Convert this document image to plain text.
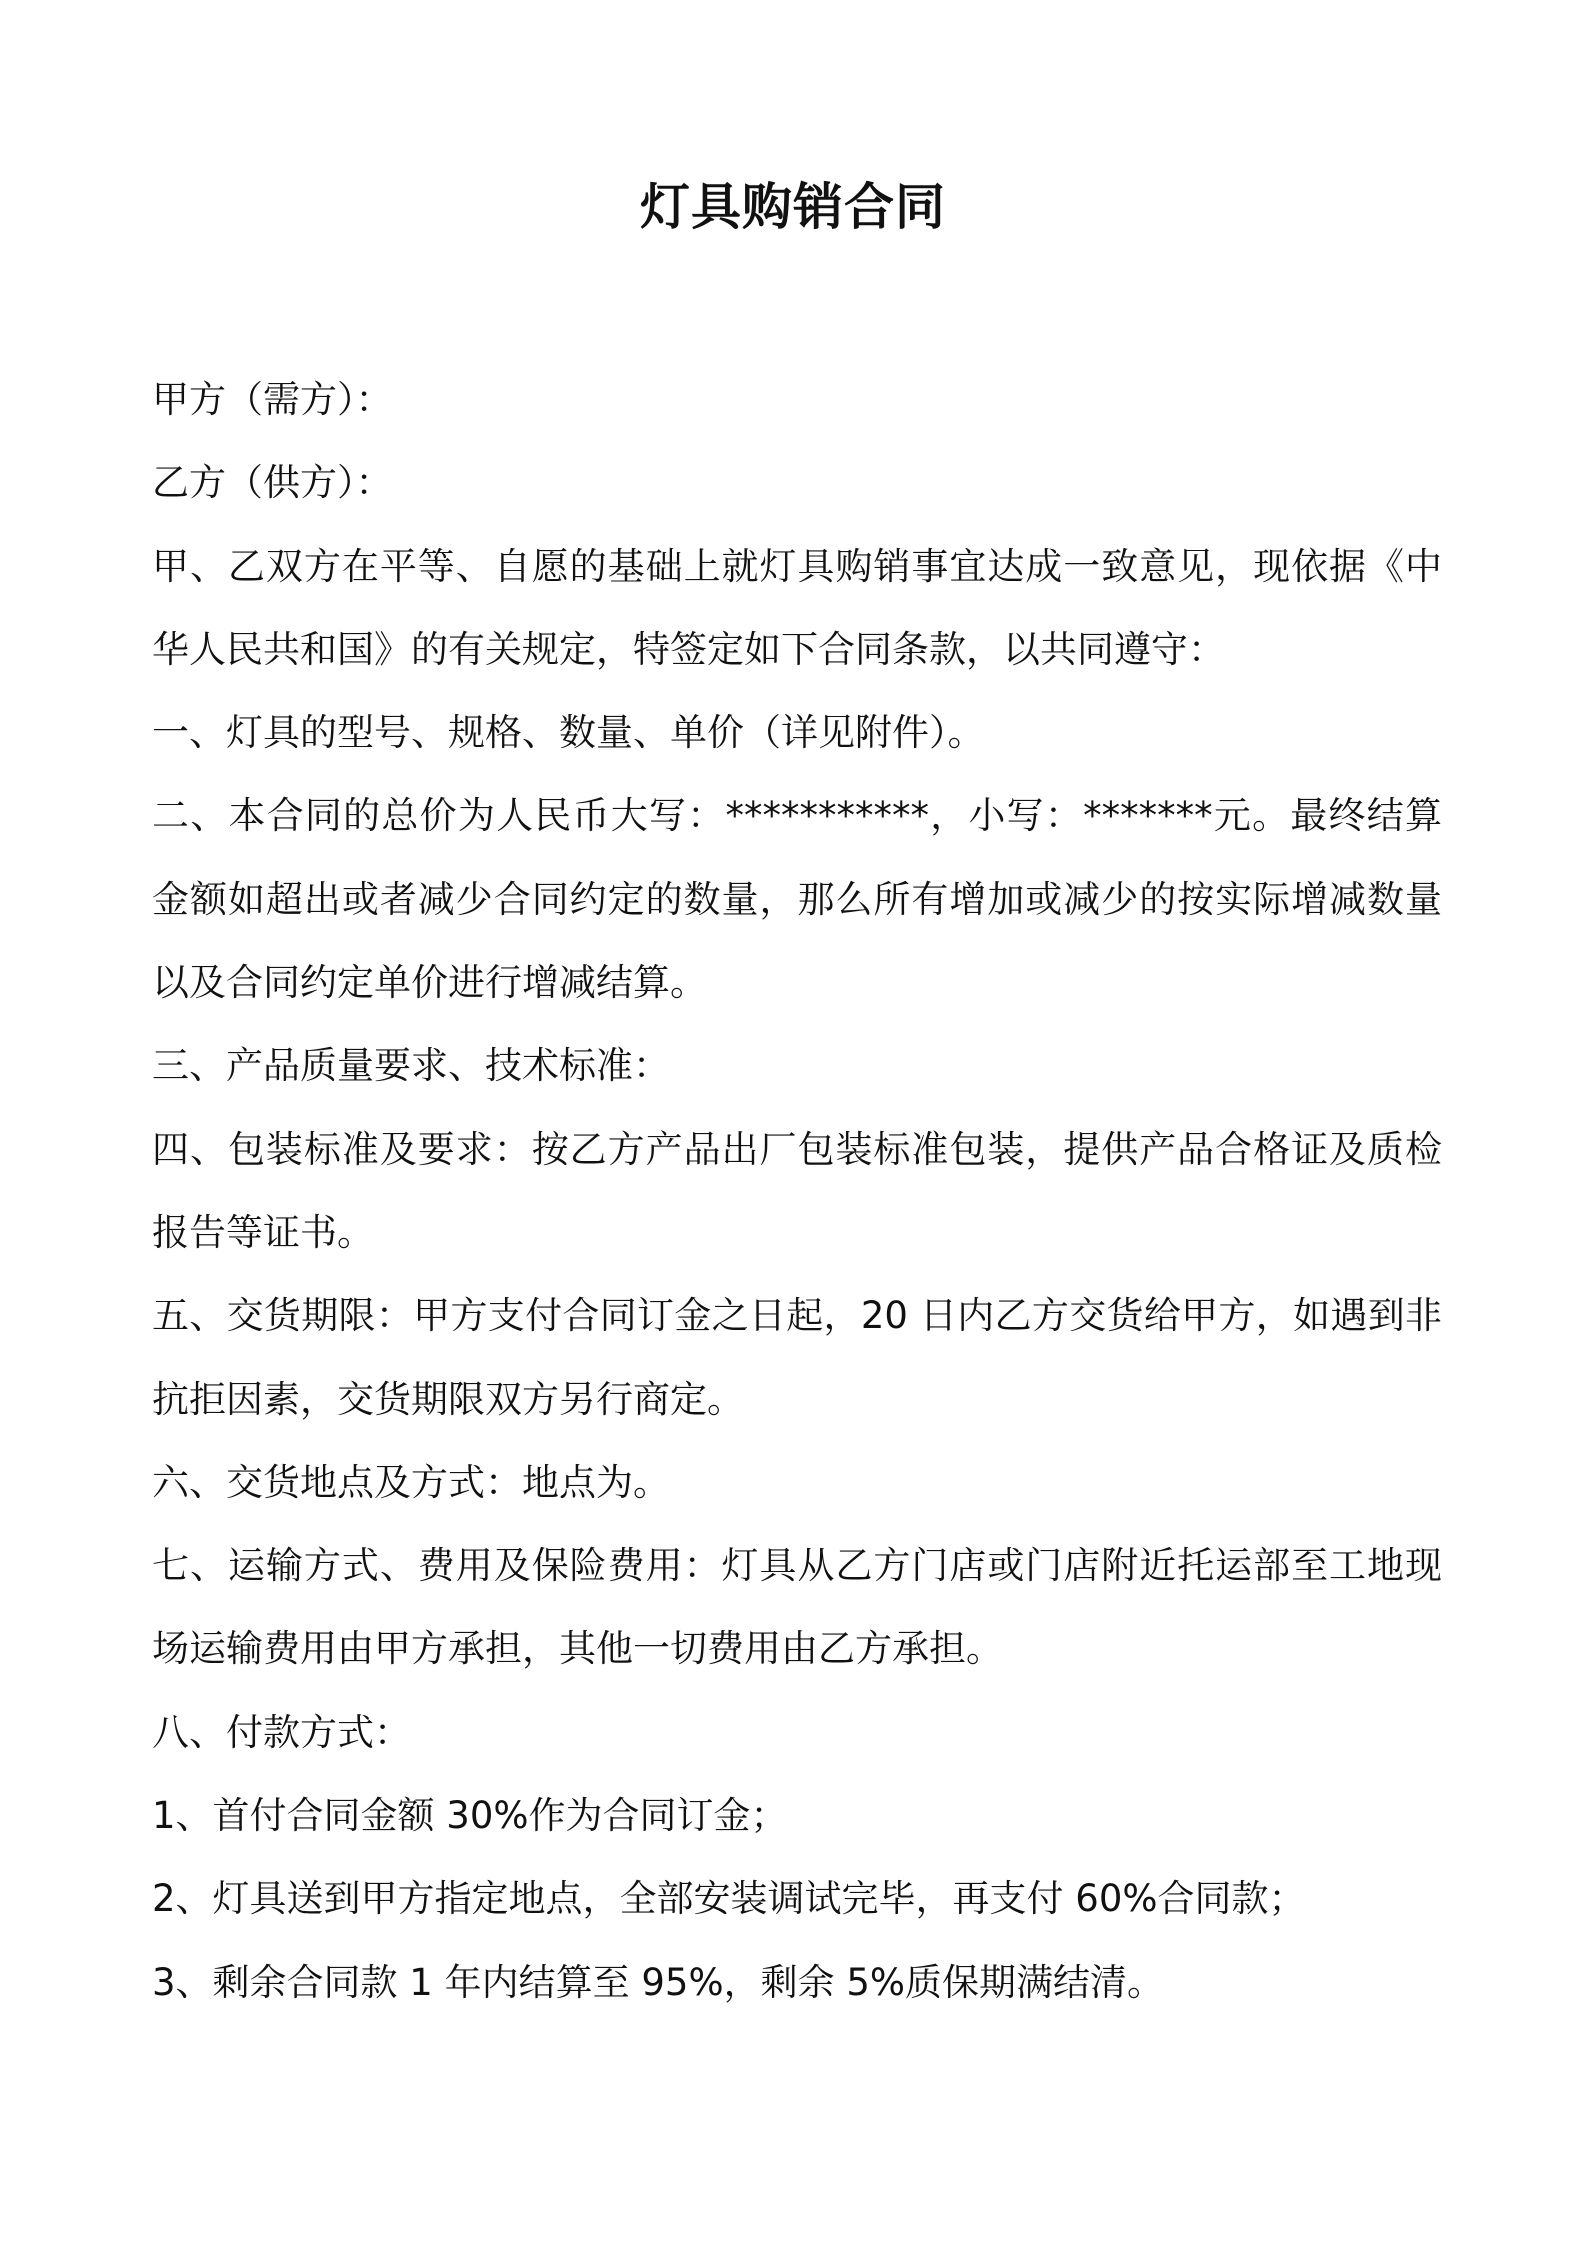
灯具购销合同

甲方（需方）：

乙方（供方）：

甲、乙双方在平等、自愿的基础上就灯具购销事宜达成一致意见，现依据《中华人民共和国》的有关规定，特签定如下合同条款，以共同遵守：

一、灯具的型号、规格、数量、单价（详见附件）。

二、本合同的总价为人民币大写：***********，小写：*******元。最终结算金额如超出或者减少合同约定的数量，那么所有增加或减少的按实际增减数量以及合同约定单价进行增减结算。

三、产品质量要求、技术标准：

四、包装标准及要求：按乙方产品出厂包装标准包装，提供产品合格证及质检报告等证书。

五、交货期限：甲方支付合同订金之日起，20 日内乙方交货给甲方，如遇到非抗拒因素，交货期限双方另行商定。

六、交货地点及方式：地点为。

七、运输方式、费用及保险费用：灯具从乙方门店或门店附近托运部至工地现场运输费用由甲方承担，其他一切费用由乙方承担。

八、付款方式：

1、首付合同金额 30%作为合同订金；

2、灯具送到甲方指定地点，全部安装调试完毕，再支付 60%合同款；

3、剩余合同款 1 年内结算至 95%，剩余 5%质保期满结清。
